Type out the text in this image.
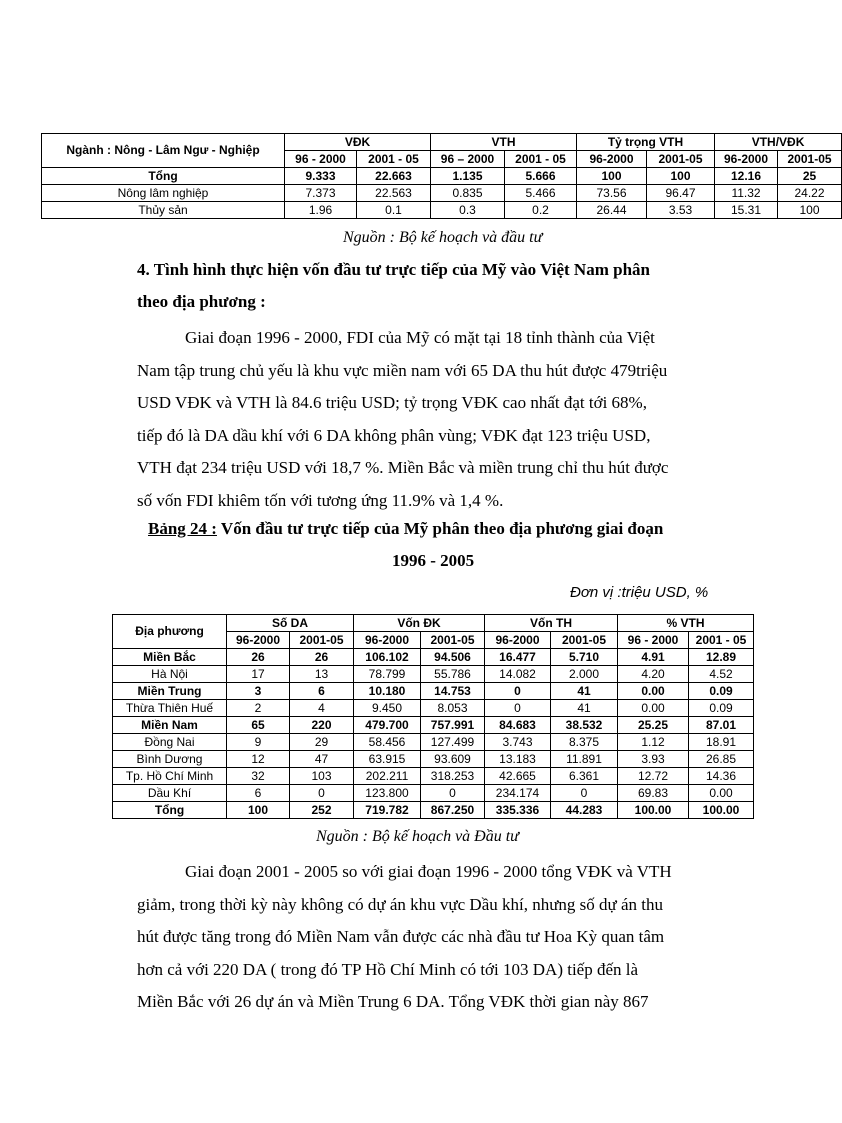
Ngành : Nông - Lâm Ngư - Nghiệp	VĐK		VTH		Tỷ trọng VTH		VTH/VĐK	
	96 - 2000	2001 - 05	96 – 2000	2001 - 05	96-2000	2001-05	96-2000	2001-05
Tổng	9.333	22.663	1.135	5.666	100	100	12.16	25
Nông lâm nghiệp	7.373	22.563	0.835	5.466	73.56	96.47	11.32	24.22
Thủy sản	1.96	0.1	0.3	0.2	26.44	3.53	15.31	100
Nguồn : Bộ kế hoạch và đầu tư
4. Tình hình thực hiện vốn đầu tư trực tiếp của Mỹ vào Việt Nam phân
theo địa phương :
Giai đoạn 1996 - 2000, FDI của Mỹ có mặt tại 18 tỉnh thành của Việt
Nam tập trung chủ yếu là khu vực miền nam với 65 DA thu hút được 479triệu
USD VĐK và VTH là 84.6 triệu USD; tỷ trọng VĐK cao nhất đạt tới 68%,
tiếp đó là DA dầu khí với 6 DA không phân vùng; VĐK đạt 123 triệu USD,
VTH đạt 234 triệu USD với 18,7 %. Miền Bắc và miền trung chỉ thu hút được
số vốn FDI khiêm tốn với tương ứng 11.9% và 1,4 %.
Bảng 24 : Vốn đầu tư trực tiếp của Mỹ phân theo địa phương giai đoạn
1996 - 2005
Đơn vị :triệu USD, %
Địa phương	Số DA		Vốn ĐK		Vốn TH		% VTH	
	96-2000	2001-05	96-2000	2001-05	96-2000	2001-05	96 - 2000	2001 - 05
Miền Bắc	26	26	106.102	94.506	16.477	5.710	4.91	12.89
Hà Nội	17	13	78.799	55.786	14.082	2.000	4.20	4.52
Miền Trung	3	6	10.180	14.753	0	41	0.00	0.09
Thừa Thiên Huế	2	4	9.450	8.053	0	41	0.00	0.09
Miền Nam	65	220	479.700	757.991	84.683	38.532	25.25	87.01
Đồng Nai	9	29	58.456	127.499	3.743	8.375	1.12	18.91
Bình Dương	12	47	63.915	93.609	13.183	11.891	3.93	26.85
Tp. Hồ Chí Minh	32	103	202.211	318.253	42.665	6.361	12.72	14.36
Dầu Khí	6	0	123.800	0	234.174	0	69.83	0.00
Tổng	100	252	719.782	867.250	335.336	44.283	100.00	100.00
Nguồn : Bộ kế hoạch và Đầu tư
Giai đoạn 2001 - 2005 so với giai đoạn 1996 - 2000 tổng VĐK và VTH
giảm, trong thời kỳ này không có dự án khu vực Dầu khí, nhưng số dự án thu
hút được tăng trong đó Miền Nam vẫn được các nhà đầu tư Hoa Kỳ quan tâm
hơn cả với 220 DA ( trong đó TP Hồ Chí Minh có tới 103 DA) tiếp đến là
Miền Bắc với 26 dự án và Miền Trung 6 DA. Tổng VĐK thời gian này 867
